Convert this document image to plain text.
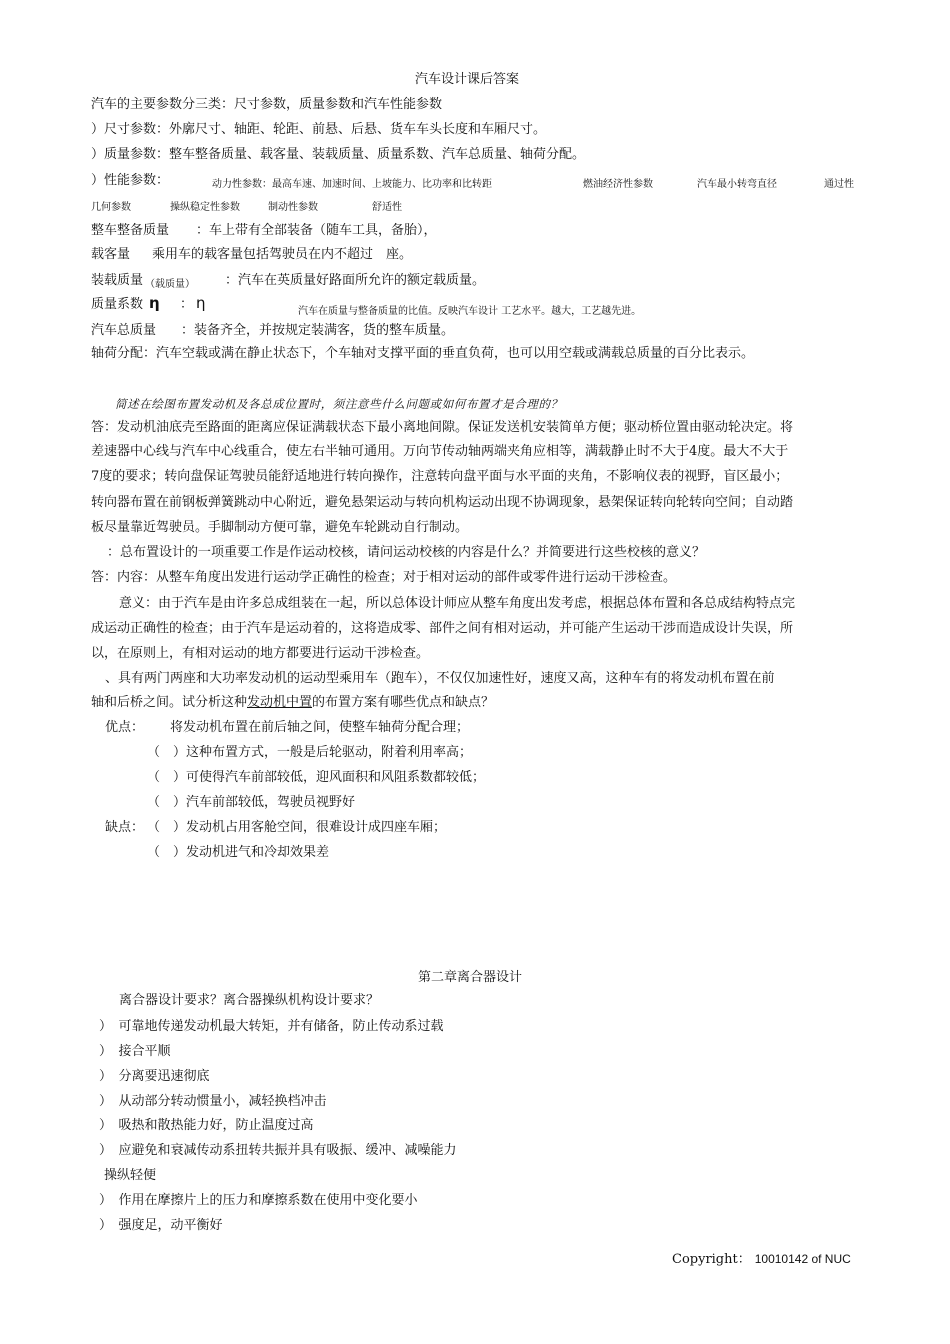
汽车设计课后答案
汽车的主要参数分三类：尺寸参数，质量参数和汽车性能参数
）尺寸参数：外廓尺寸、轴距、轮距、前悬、后悬、货车车头长度和车厢尺寸。
）质量参数：整车整备质量、载客量、装载质量、质量系数、汽车总质量、轴荷分配。
）性能参数：	动力性参数：最高车速、加速时间、上坡能力、比功率和比转距	燃油经济性参数	汽车最小转弯直径	通过性
几何参数	操纵稳定性参数	制动性参数	舒适性
整车整备质量 ：车上带有全部装备（随车工具，备胎），
载客量 乘用车的载客量包括驾驶员在内不超过　座。
装载质量 （载质量） ：汽车在英质量好路面所允许的额定载质量。
质量系数 η ： η	汽车在质量与整备质量的比值。反映汽车设计 工艺水平。越大，工艺越先进。
汽车总质量 ：装备齐全，并按规定装满客，货的整车质量。
轴荷分配：汽车空载或满在静止状态下，个车轴对支撑平面的垂直负荷，也可以用空载或满载总质量的百分比表示。
简述在绘图布置发动机及各总成位置时，须注意些什么问题或如何布置才是合理的？
答：发动机油底壳至路面的距离应保证满载状态下最小离地间隙。保证发送机安装简单方便；驱动桥位置由驱动轮决定。将
差速器中心线与汽车中心线重合，使左右半轴可通用。万向节传动轴两端夹角应相等，满载静止时不大于4度。最大不大于
7度的要求；转向盘保证驾驶员能舒适地进行转向操作，注意转向盘平面与水平面的夹角，不影响仪表的视野，盲区最小；
转向器布置在前钢板弹簧跳动中心附近，避免悬架运动与转向机构运动出现不协调现象，悬架保证转向轮转向空间；自动踏
板尽量靠近驾驶员。手脚制动方便可靠，避免车轮跳动自行制动。
：总布置设计的一项重要工作是作运动校核，请问运动校核的内容是什么？并简要进行这些校核的意义？
答：内容：从整车角度出发进行运动学正确性的检查；对于相对运动的部件或零件进行运动干涉检查。
意义：由于汽车是由许多总成组装在一起，所以总体设计师应从整车角度出发考虑，根据总体布置和各总成结构特点完
成运动正确性的检查；由于汽车是运动着的，这将造成零、部件之间有相对运动，并可能产生运动干涉而造成设计失误，所
以，在原则上，有相对运动的地方都要进行运动干涉检查。
、具有两门两座和大功率发动机的运动型乘用车（跑车），不仅仅加速性好，速度又高，这种车有的将发动机布置在前
轴和后桥之间。试分析这种发动机中置的布置方案有哪些优点和缺点？
优点： 将发动机布置在前后轴之间，使整车轴荷分配合理；
（　）这种布置方式，一般是后轮驱动，附着利用率高；
（　）可使得汽车前部较低，迎风面积和风阻系数都较低；
（　）汽车前部较低，驾驶员视野好
缺点： （　）发动机占用客舱空间，很难设计成四座车厢；
（　）发动机进气和冷却效果差
第二章离合器设计
离合器设计要求？离合器操纵机构设计要求？
）　可靠地传递发动机最大转矩，并有储备，防止传动系过载
）　接合平顺
）　分离要迅速彻底
）　从动部分转动惯量小，减轻换档冲击
）　吸热和散热能力好，防止温度过高
）　应避免和衰减传动系扭转共振并具有吸振、缓冲、减噪能力
操纵轻便
）　作用在摩擦片上的压力和摩擦系数在使用中变化要小
）　强度足，动平衡好
Copyright： 10010142 of NUC
